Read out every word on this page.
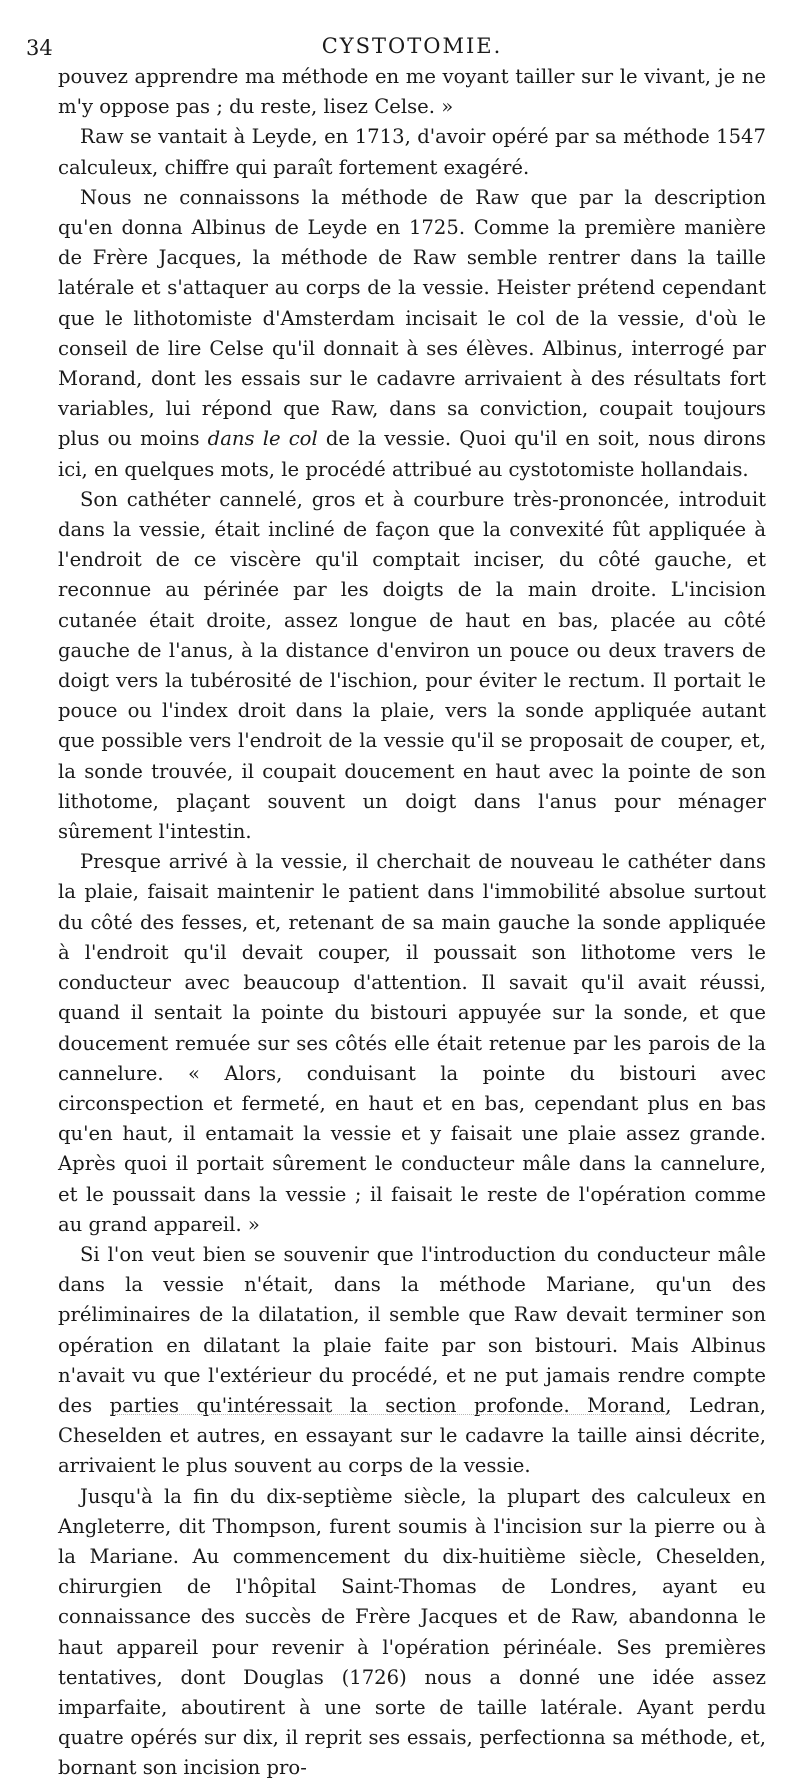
34	CYSTOTOMIE.

pouvez apprendre ma méthode en me voyant tailler sur le vivant, je ne m'y oppose pas ; du reste, lisez Celse. »

Raw se vantait à Leyde, en 1713, d'avoir opéré par sa méthode 1547 calculeux, chiffre qui paraît fortement exagéré.

Nous ne connaissons la méthode de Raw que par la description qu'en donna Albinus de Leyde en 1725. Comme la première manière de Frère Jacques, la méthode de Raw semble rentrer dans la taille latérale et s'attaquer au corps de la vessie. Heister prétend cependant que le lithotomiste d'Amsterdam incisait le col de la vessie, d'où le conseil de lire Celse qu'il donnait à ses élèves. Albinus, interrogé par Morand, dont les essais sur le cadavre arrivaient à des résultats fort variables, lui répond que Raw, dans sa conviction, coupait toujours plus ou moins dans le col de la vessie. Quoi qu'il en soit, nous dirons ici, en quelques mots, le procédé attribué au cystotomiste hollandais.

Son cathéter cannelé, gros et à courbure très-prononcée, introduit dans la vessie, était incliné de façon que la convexité fût appliquée à l'endroit de ce viscère qu'il comptait inciser, du côté gauche, et reconnue au périnée par les doigts de la main droite. L'incision cutanée était droite, assez longue de haut en bas, placée au côté gauche de l'anus, à la distance d'environ un pouce ou deux travers de doigt vers la tubérosité de l'ischion, pour éviter le rectum. Il portait le pouce ou l'index droit dans la plaie, vers la sonde appliquée autant que possible vers l'endroit de la vessie qu'il se proposait de couper, et, la sonde trouvée, il coupait doucement en haut avec la pointe de son lithotome, plaçant souvent un doigt dans l'anus pour ménager sûrement l'intestin.

Presque arrivé à la vessie, il cherchait de nouveau le cathéter dans la plaie, faisait maintenir le patient dans l'immobilité absolue surtout du côté des fesses, et, retenant de sa main gauche la sonde appliquée à l'endroit qu'il devait couper, il poussait son lithotome vers le conducteur avec beaucoup d'attention. Il savait qu'il avait réussi, quand il sentait la pointe du bistouri appuyée sur la sonde, et que doucement remuée sur ses côtés elle était retenue par les parois de la cannelure. « Alors, conduisant la pointe du bistouri avec circonspection et fermeté, en haut et en bas, cependant plus en bas qu'en haut, il entamait la vessie et y faisait une plaie assez grande. Après quoi il portait sûrement le conducteur mâle dans la cannelure, et le poussait dans la vessie ; il faisait le reste de l'opération comme au grand appareil. »

Si l'on veut bien se souvenir que l'introduction du conducteur mâle dans la vessie n'était, dans la méthode Mariane, qu'un des préliminaires de la dilatation, il semble que Raw devait terminer son opération en dilatant la plaie faite par son bistouri. Mais Albinus n'avait vu que l'extérieur du procédé, et ne put jamais rendre compte des parties qu'intéressait la section profonde. Morand, Ledran, Cheselden et autres, en essayant sur le cadavre la taille ainsi décrite, arrivaient le plus souvent au corps de la vessie.

Jusqu'à la fin du dix-septième siècle, la plupart des calculeux en Angleterre, dit Thompson, furent soumis à l'incision sur la pierre ou à la Mariane. Au commencement du dix-huitième siècle, Cheselden, chirurgien de l'hôpital Saint-Thomas de Londres, ayant eu connaissance des succès de Frère Jacques et de Raw, abandonna le haut appareil pour revenir à l'opération périnéale. Ses premières tentatives, dont Douglas (1726) nous a donné une idée assez imparfaite, aboutirent à une sorte de taille latérale. Ayant perdu quatre opérés sur dix, il reprit ses essais, perfectionna sa méthode, et, bornant son incision pro-
